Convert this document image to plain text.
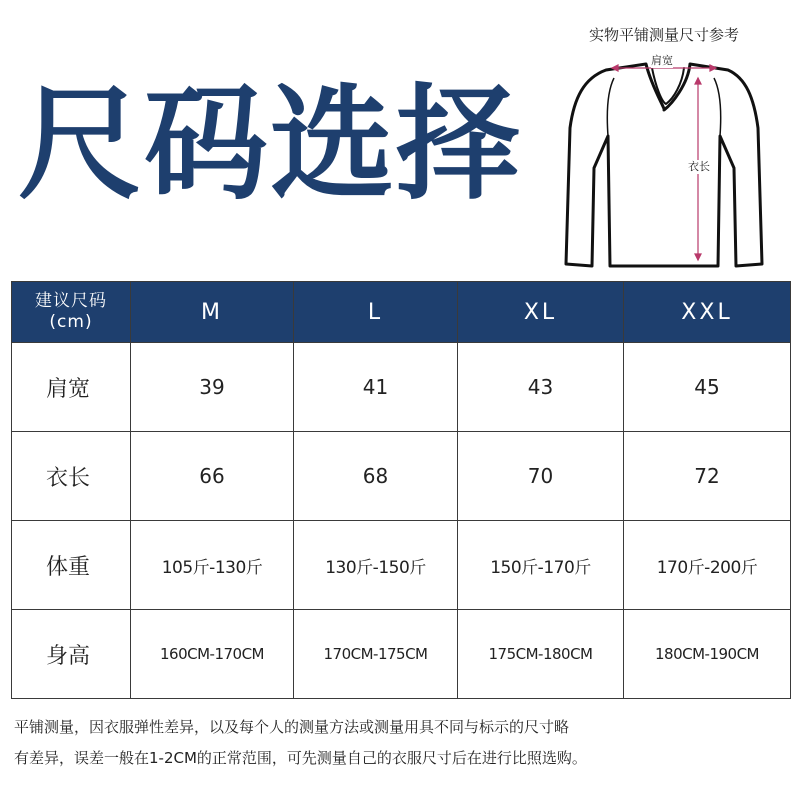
尺码选择
实物平铺测量尺寸参考
肩宽
衣长
建议尺码
(cm)	M	L	XL	XXL
肩宽	39	41	43	45
衣长	66	68	70	72
体重	105斤-130斤	130斤-150斤	150斤-170斤	170斤-200斤
身高	160CM-170CM	170CM-175CM	175CM-180CM	180CM-190CM
平铺测量，因衣服弹性差异，以及每个人的测量方法或测量用具不同与标示的尺寸略
有差异，误差一般在1-2CM的正常范围，可先测量自己的衣服尺寸后在进行比照选购。
